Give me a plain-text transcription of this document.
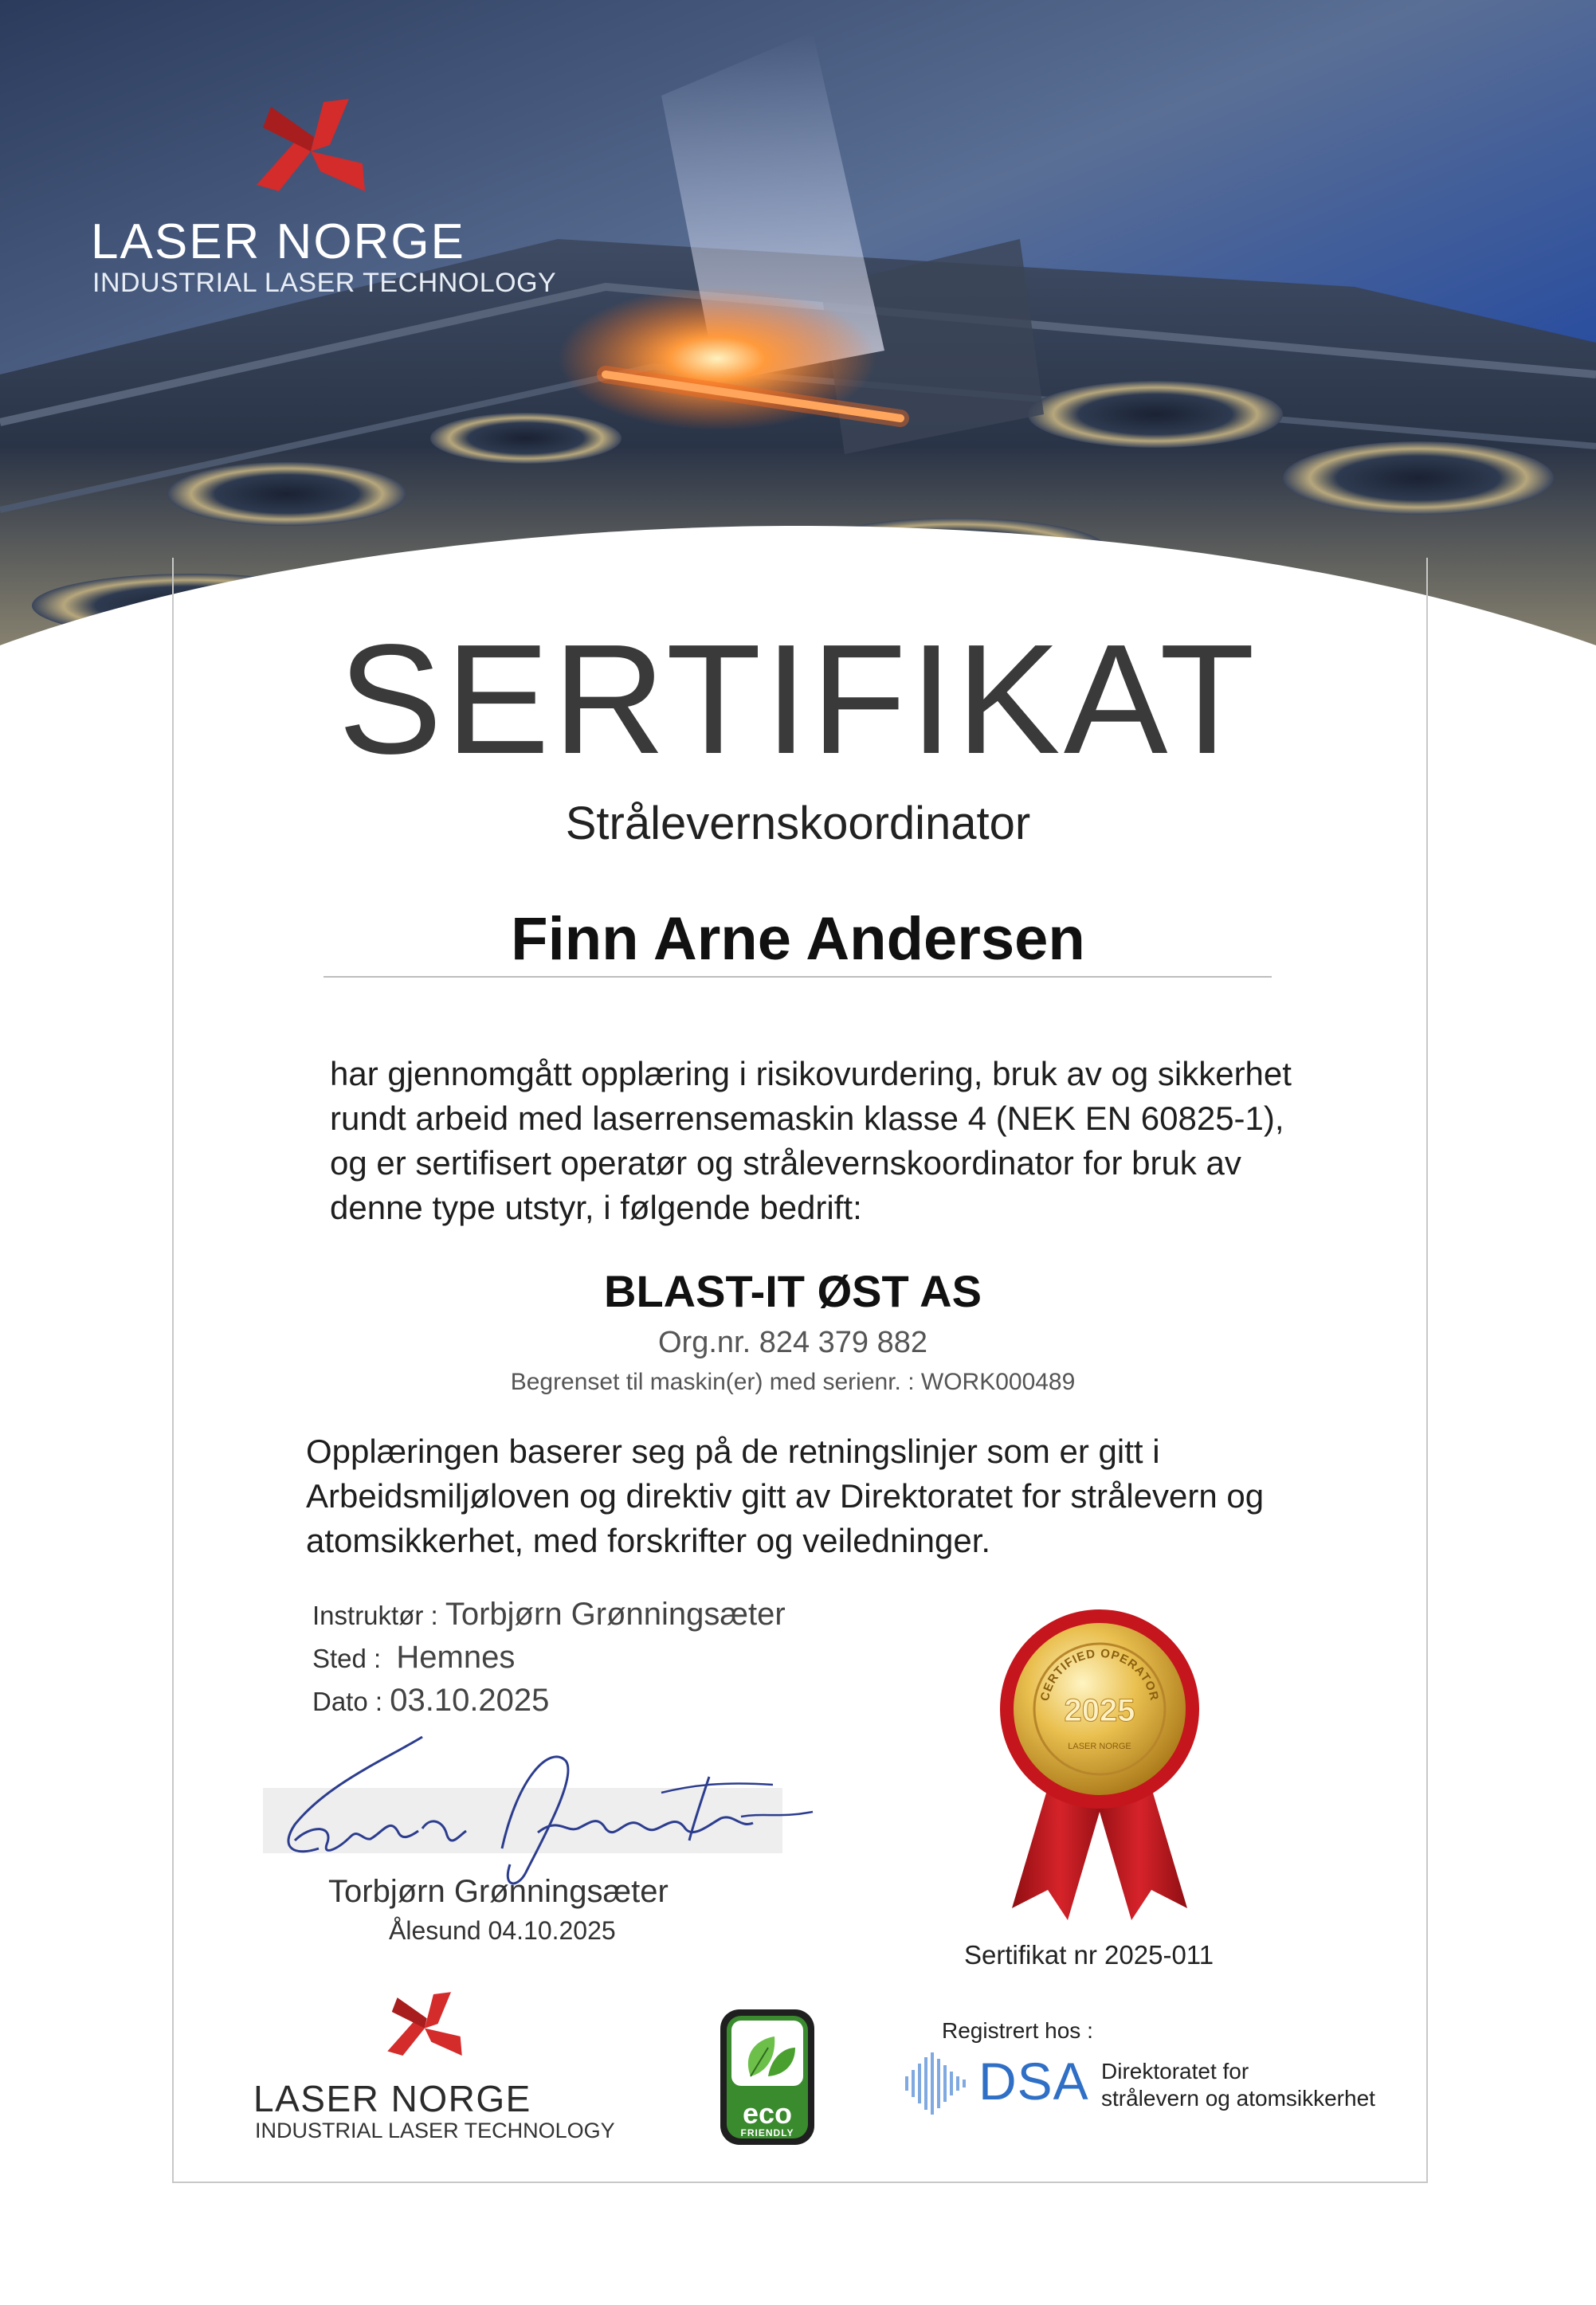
LASER NORGE
INDUSTRIAL LASER TECHNOLOGY
SERTIFIKAT
Strålevernskoordinator
Finn Arne Andersen
har gjennomgått opplæring i risikovurdering, bruk av og sikkerhet
rundt arbeid med laserrensemaskin klasse 4 (NEK EN 60825-1),
og er sertifisert operatør og strålevernskoordinator for bruk av
denne type utstyr, i følgende bedrift:
BLAST-IT ØST AS
Org.nr. 824 379 882
Begrenset til maskin(er) med serienr. : WORK000489
Opplæringen baserer seg på de retningslinjer som er gitt i
Arbeidsmiljøloven og direktiv gitt av Direktoratet for strålevern og
atomsikkerhet, med forskrifter og veiledninger.
Instruktør : Torbjørn Grønningsæter
Sted : Hemnes
Dato : 03.10.2025
Torbjørn Grønningsæter
Ålesund 04.10.2025
CERTIFIED OPERATOR
2025
LASER NORGE
Sertifikat nr 2025-011
LASER NORGE
INDUSTRIAL LASER TECHNOLOGY
eco
FRIENDLY
Registrert hos :
DSA Direktoratet for
strålevern og atomsikkerhet
